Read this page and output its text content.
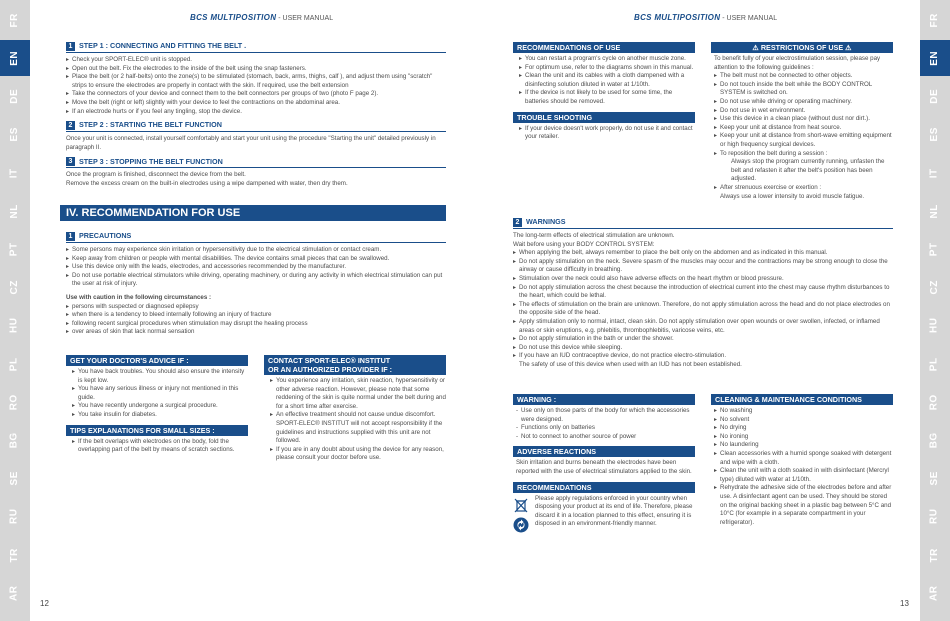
FR
EN
DE
ES
IT
NL
PT
CZ
HU
PL
RO
BG
SE
RU
TR
AR
FR
EN
DE
ES
IT
NL
PT
CZ
HU
PL
RO
BG
SE
RU
TR
AR
BCS MULTIPOSITION - USER MANUAL	BCS MULTIPOSITION - USER MANUAL
12	13
1 STEP 1 : CONNECTING AND FITTING THE BELT .
▸ Check your SPORT-ELEC® unit is stopped.
▸ Open out the belt. Fix the electrodes to the inside of the belt using the snap fasteners.
▸ Place the belt (or 2 half-belts) onto the zone(s) to be stimulated (stomach, back, arms, thighs, calf ), and adjust them using "scratch" strips to ensure the electrodes are properly in contact with the skin. If required, use the belt extension
▸ Take the connectors of your device and connect them to the belt connectors per groups of two (photo F page 2).
▸ Move the belt (right or left) slightly with your device to feel the contractions on the abdominal area.
▸ If an electrode hurts or if you feel any tingling, stop the device.
2 STEP 2 : STARTING THE BELT FUNCTION
Once your unit is connected, install yourself comfortably and start your unit using the procedure "Starting the unit" detailed previously in paragraph II.
3 STEP 3 : STOPPING THE BELT FUNCTION
Once the program is finished, disconnect the device from the belt.
Remove the excess cream on the built-in electrodes using a wipe dampened with water, then dry them.
IV. RECOMMENDATION FOR USE
1 PRECAUTIONS
▸ Some persons may experience skin irritation or hypersensitivity due to the electrical stimulation or contact cream.
▸ Keep away from children or people with mental disabilities. The device contains small pieces that can be swallowed.
▸ Use this device only with the leads, electrodes, and accessories recommended by the manufacturer.
▸ Do not use portable electrical stimulators while driving, operating machinery, or during any activity in which electrical stimulation can put the user at risk of injury.
Use with caution in the following circumstances :
▸ persons with suspected or diagnosed epilepsy
▸ when there is a tendency to bleed internally following an injury of fracture
▸ following recent surgical procedures when stimulation may disrupt the healing process
▸ over areas of skin that lack normal sensation
GET YOUR DOCTOR'S ADVICE IF :
▸ You have back troubles. You should also ensure the intensity is kept low.
▸ You have any serious illness or injury not mentioned in this guide.
▸ You have recently undergone a surgical procedure.
▸ You take insulin for diabetes.
TIPS EXPLANATIONS FOR SMALL SIZES :
▸ If the belt overlaps with electrodes on the body, fold the overlapping part of the belt by means of scratch sections.
CONTACT SPORT-ELEC® INSTITUT
OR AN AUTHORIZED PROVIDER IF :
▸ You experience any irritation, skin reaction, hypersensitivity or other adverse reaction. However, please note that some reddening of the skin is quite normal under the belt during and for a short time after exercise.
▸ An effective treatment should not cause undue discomfort. SPORT-ELEC® INSTITUT will not accept responsibility if the guidelines and instructions supplied with this unit are not followed.
▸ If you are in any doubt about using the device for any reason, please consult your doctor before use.
RECOMMENDATIONS OF USE
▸ You can restart a program's cycle on another muscle zone.
▸ For optimum use, refer to the diagrams shown in this manual.
▸ Clean the unit and its cables with a cloth dampened with a disinfecting solution diluted in water at 1/10th.
▸ If the device is not likely to be used for some time, the batteries should be removed.
TROUBLE SHOOTING
▸ If your device doesn't work properly, do not use it and contact your retailer.
⚠ RESTRICTIONS OF USE ⚠
To benefit fully of your electrostimulation session, please pay attention to the following guidelines :
▸ The belt must not be connected to other objects.
▸ Do not touch inside the belt while the BODY CONTROL SYSTEM is switched on.
▸ Do not use while driving or operating machinery.
▸ Do not use in wet environment.
▸ Use this device in a clean place (without dust nor dirt.).
▸ Keep your unit at distance from heat source.
▸ Keep your unit at distance from short-wave emitting equipment or high frequency surgical devices.
▸ To reposition the belt during a session :
Always stop the program currently running, unfasten the belt and refasten it after the belt's position has been adjusted.
▸ After strenuous exercise or exertion :
Always use a lower intensity to avoid muscle fatigue.
2 WARNINGS
The long-term effects of electrical stimulation are unknown.
Wait before using your BODY CONTROL SYSTEM:
▸ When applying the belt, always remember to place the belt only on the abdomen and as indicated in this manual.
▸ Do not apply stimulation on the neck. Severe spasm of the muscles may occur and the contractions may be strong enough to close the airway or cause difficulty in breathing.
▸ Stimulation over the neck could also have adverse effects on the heart rhythm or blood pressure.
▸ Do not apply stimulation across the chest because the introduction of electrical current into the chest may cause rhythm disturbances to the heart, which could be lethal.
▸ The effects of stimulation on the brain are unknown. Therefore, do not apply stimulation across the head and do not place electrodes on the opposite side of the head.
▸ Apply stimulation only to normal, intact, clean skin. Do not apply stimulation over open wounds or over swollen, infected, or inflamed areas or skin eruptions, e.g. phlebitis, thrombophlebitis, varicose veins, etc.
▸ Do not apply stimulation in the bath or under the shower.
▸ Do not use this device while sleeping.
▸ If you have an IUD contraceptive device, do not practice electro-stimulation.
The safety of use of this device when used with an IUD has not been established.
WARNING :
- Use only on those parts of the body for which the accessories were designed.
- Functions only on batteries
- Not to connect to another source of power
ADVERSE REACTIONS
Skin irritation and burns beneath the electrodes have been reported with the use of electrical stimulators applied to the skin.
RECOMMENDATIONS
Please apply regulations enforced in your country when disposing your product at its end of life. Therefore, please discard it in a location planned to this effect, ensuring it is disposed in an environment-friendly manner.
CLEANING & MAINTENANCE CONDITIONS
▸ No washing
▸ No solvent
▸ No drying
▸ No ironing
▸ No laundering
▸ Clean accessories with a humid sponge soaked with detergent and wipe with a cloth.
▸ Clean the unit with a cloth soaked in with disinfectant (Mercryl type) diluted with water at 1/10th.
▸ Rehydrate the adhesive side of the electrodes before and after use. A disinfectant agent can be used. They should be stored on the original backing sheet in a plastic bag between 5°C and 10°C (for example in a separate compartment in your refrigerator).
